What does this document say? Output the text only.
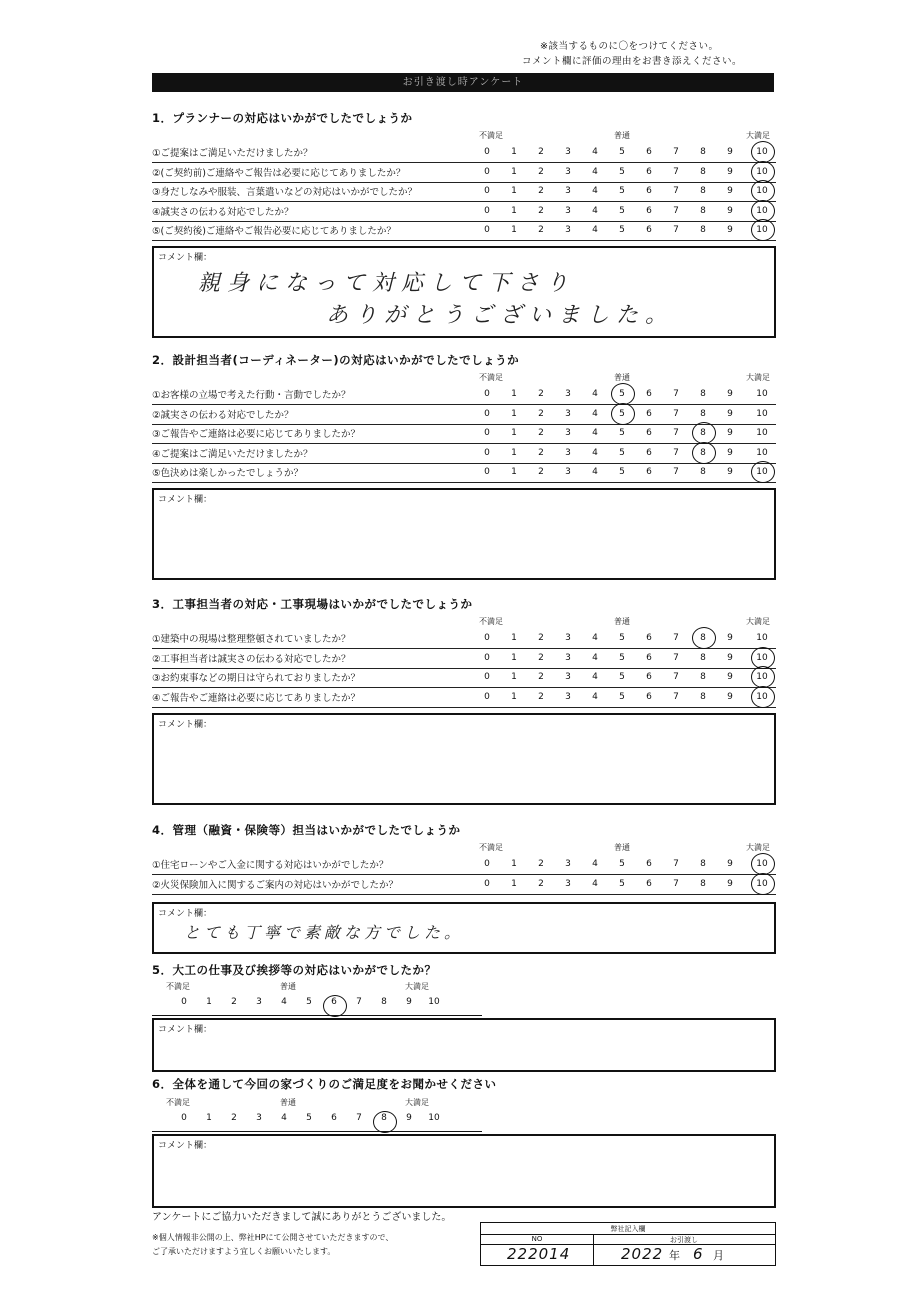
※該当するものに〇をつけてください。
コメント欄に評価の理由をお書き添えください。
お引き渡し時アンケート
1．プランナーの対応はいかがでしたでしょうか
不満足	普通	大満足
①ご提案はご満足いただけましたか？	0	1	2	3	4	5	6	7	8	9	10
②(ご契約前)ご連絡やご報告は必要に応じてありましたか？	0	1	2	3	4	5	6	7	8	9	10
③身だしなみや服装、言葉遣いなどの対応はいかがでしたか？	0	1	2	3	4	5	6	7	8	9	10
④誠実さの伝わる対応でしたか？	0	1	2	3	4	5	6	7	8	9	10
⑤(ご契約後)ご連絡やご報告必要に応じてありましたか？	0	1	2	3	4	5	6	7	8	9	10
コメント欄：
親身になって対応して下さり
ありがとうございました。
2．設計担当者(コーディネーター)の対応はいかがでしたでしょうか
不満足	普通	大満足
①お客様の立場で考えた行動・言動でしたか？	0	1	2	3	4	5	6	7	8	9	10
②誠実さの伝わる対応でしたか？	0	1	2	3	4	5	6	7	8	9	10
③ご報告やご連絡は必要に応じてありましたか？	0	1	2	3	4	5	6	7	8	9	10
④ご提案はご満足いただけましたか？	0	1	2	3	4	5	6	7	8	9	10
⑤色決めは楽しかったでしょうか？	0	1	2	3	4	5	6	7	8	9	10
コメント欄：
3．工事担当者の対応・工事現場はいかがでしたでしょうか
不満足	普通	大満足
①建築中の現場は整理整頓されていましたか？	0	1	2	3	4	5	6	7	8	9	10
②工事担当者は誠実さの伝わる対応でしたか？	0	1	2	3	4	5	6	7	8	9	10
③お約束事などの期日は守られておりましたか？	0	1	2	3	4	5	6	7	8	9	10
④ご報告やご連絡は必要に応じてありましたか？	0	1	2	3	4	5	6	7	8	9	10
コメント欄：
4．管理（融資・保険等）担当はいかがでしたでしょうか
不満足	普通	大満足
①住宅ローンやご入金に関する対応はいかがでしたか？	0	1	2	3	4	5	6	7	8	9	10
②火災保険加入に関するご案内の対応はいかがでしたか？	0	1	2	3	4	5	6	7	8	9	10
コメント欄：
とても丁寧で素敵な方でした。
5．大工の仕事及び挨拶等の対応はいかがでしたか？
不満足	普通	大満足
0	1	2	3	4	5	6	7	8	9	10
コメント欄：
6．全体を通して今回の家づくりのご満足度をお聞かせください
不満足	普通	大満足
0	1	2	3	4	5	6	7	8	9	10
コメント欄：
アンケートにご協力いただきまして誠にありがとうございました。
※個人情報非公開の上、弊社HPにて公開させていただきますので、
ご了承いただけますよう宜しくお願いいたします。
弊社記入欄
NO	お引渡し
222014	2022 年 6 月
